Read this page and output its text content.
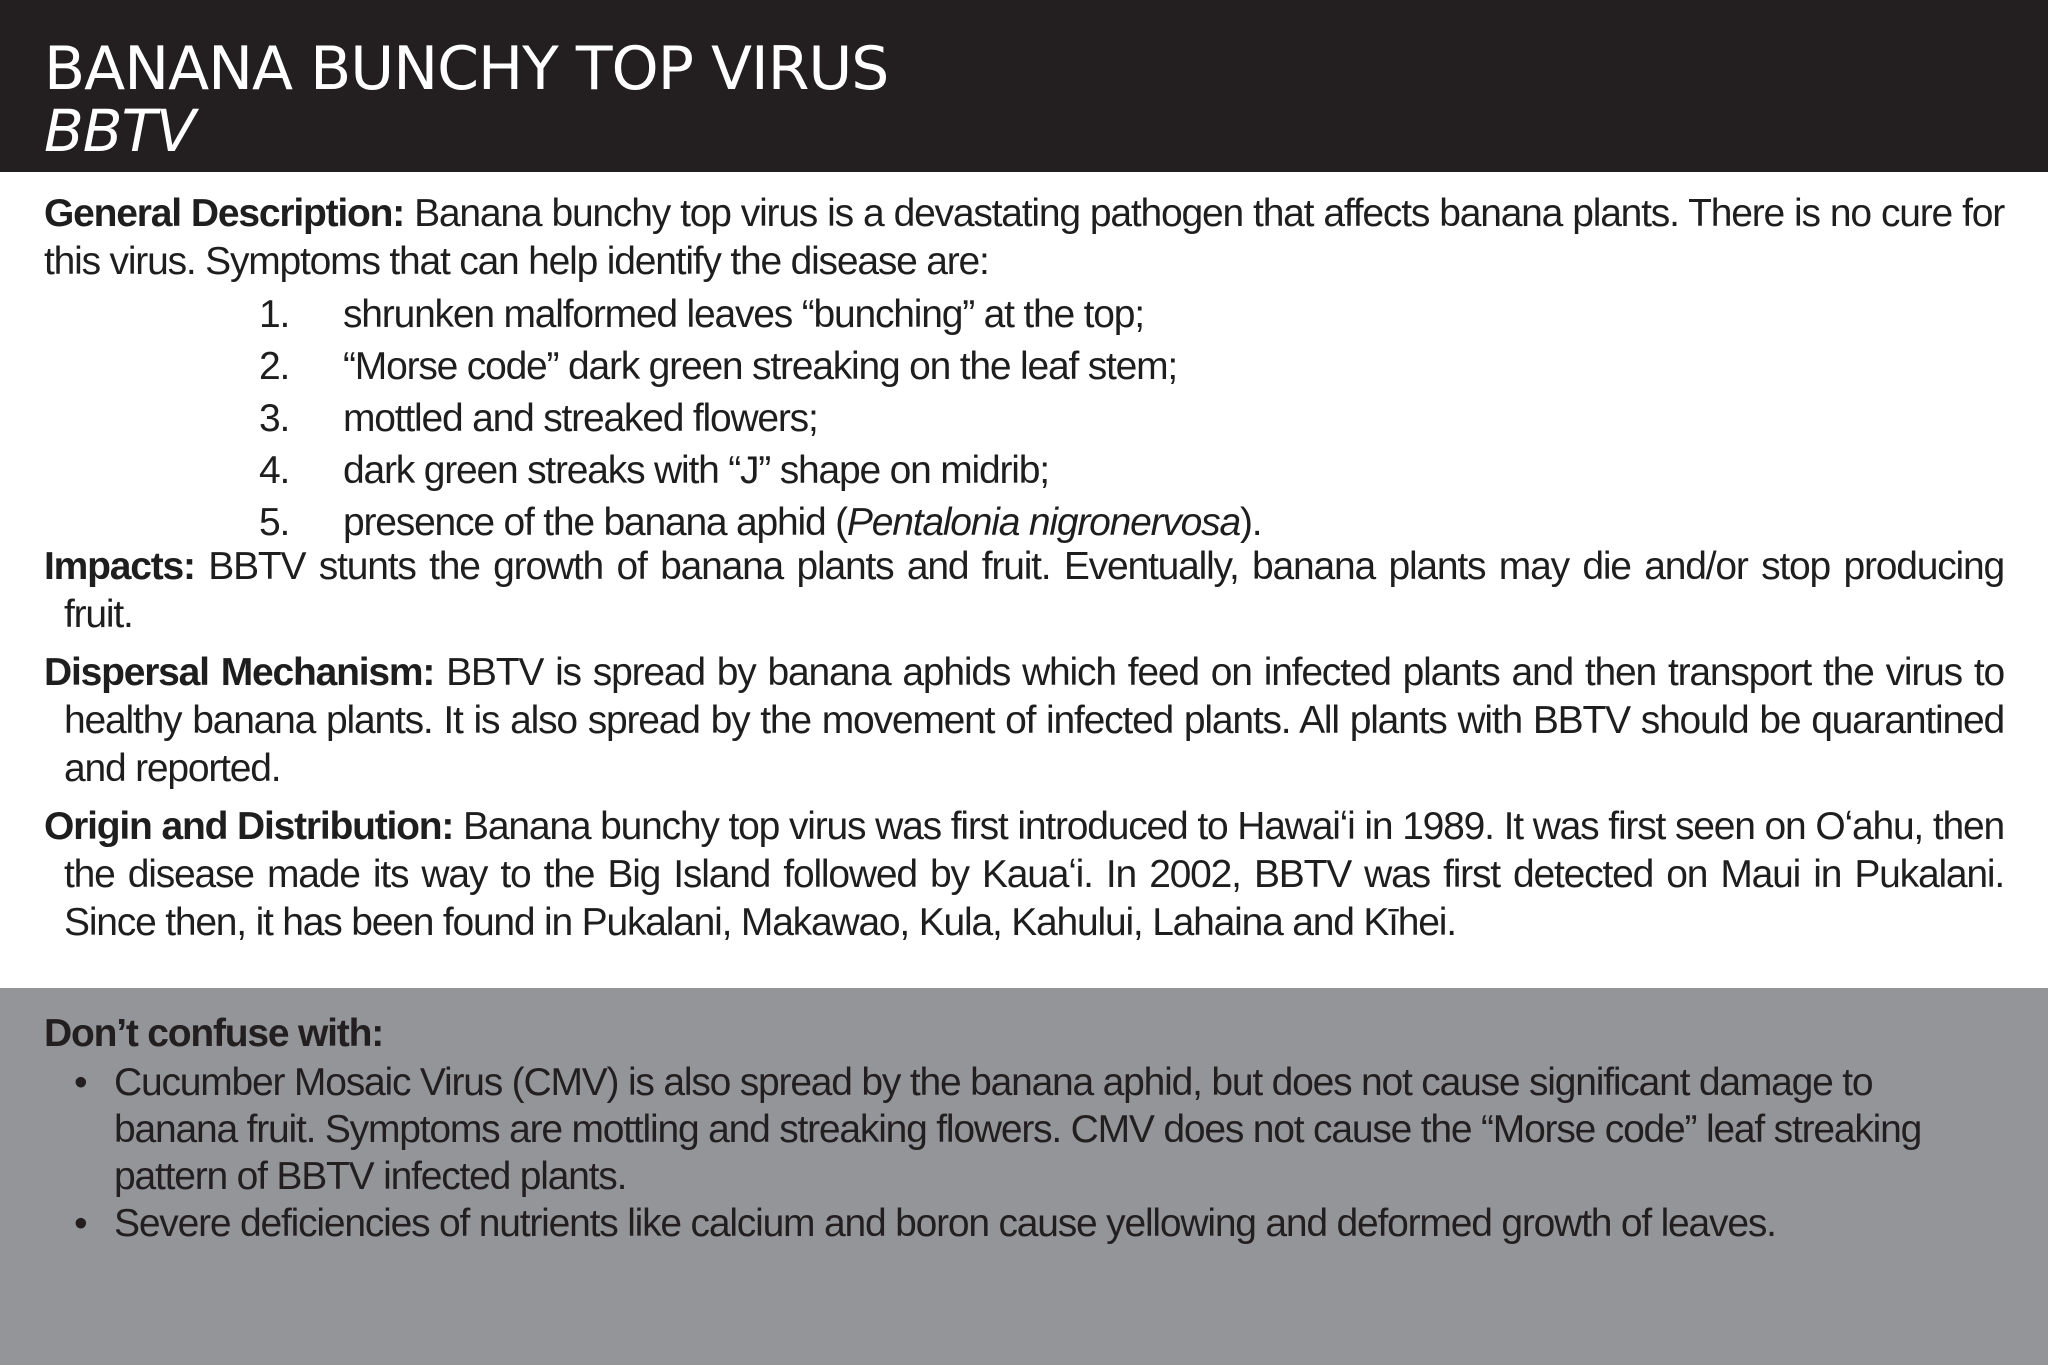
BANANA BUNCHY TOP VIRUS
BBTV

General Description: Banana bunchy top virus is a devastating pathogen that affects banana plants. There is no cure for this virus. Symptoms that can help identify the disease are:

1.	shrunken malformed leaves “bunching” at the top;
2.	“Morse code” dark green streaking on the leaf stem;
3.	mottled and streaked flowers;
4.	dark green streaks with “J” shape on midrib;
5.	presence of the banana aphid (Pentalonia nigronervosa).

Impacts: BBTV stunts the growth of banana plants and fruit. Eventually, banana plants may die and/or stop producing fruit.

Dispersal Mechanism: BBTV is spread by banana aphids which feed on infected plants and then transport the virus to healthy banana plants. It is also spread by the movement of infected plants. All plants with BBTV should be quarantined and reported.

Origin and Distribution: Banana bunchy top virus was first introduced to Hawaiʻi in 1989. It was first seen on Oʻahu, then the disease made its way to the Big Island followed by Kauaʻi. In 2002, BBTV was first detected on Maui in Pukalani. Since then, it has been found in Pukalani, Makawao, Kula, Kahului, Lahaina and Kīhei.

Don’t confuse with:

• Cucumber Mosaic Virus (CMV) is also spread by the banana aphid, but does not cause significant damage to banana fruit. Symptoms are mottling and streaking flowers. CMV does not cause the “Morse code” leaf streaking pattern of BBTV infected plants.
• Severe deficiencies of nutrients like calcium and boron cause yellowing and deformed growth of leaves.
